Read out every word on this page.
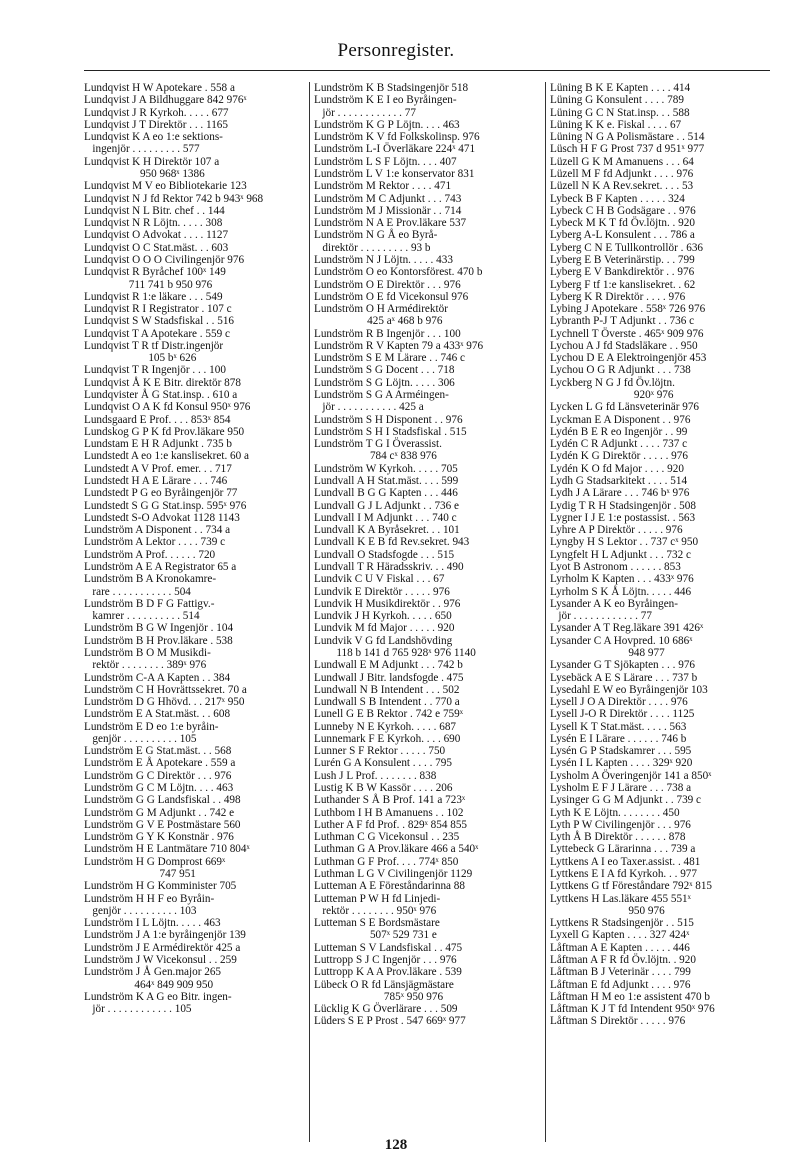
Personregister.
Lundqvist H W Apotekare . 558 a
Lundqvist J A Bildhuggare 842 976ˣ
Lundqvist J R Kyrkoh. . . . . 677
Lundqvist J T Direktör . . . 1165
Lundqvist K A eo 1:e sektions-
ingenjör . . . . . . . . . 577
Lundqvist K H Direktör 107 a
950 968ˣ 1386
Lundqvist M V eo Bibliotekarie 123
Lundqvist N J fd Rektor 742 b 943ˣ 968
Lundqvist N L Bitr. chef . . 144
Lundqvist N R Löjtn. . . . . 308
Lundqvist O Advokat . . . . 1127
Lundqvist O C Stat.mäst. . . 603
Lundqvist O O O Civilingenjör 976
Lundqvist R Byråchef 100ˣ 149
711 741 b 950 976
Lundqvist R 1:e läkare . . . 549
Lundqvist R I Registrator . 107 c
Lundqvist S W Stadsfiskal . . 516
Lundqvist T A Apotekare . 559 c
Lundqvist T R tf Distr.ingenjör
105 bˣ 626
Lundqvist T R Ingenjör . . . 100
Lundqvist Å K E Bitr. direktör 878
Lundqvister Å G Stat.insp. . 610 a
Lundqvist O A K fd Konsul 950ˣ 976
Lundsgaard E Prof. . . . 853ˣ 854
Lundskog G P K fd Prov.läkare 950
Lundstam E H R Adjunkt . 735 b
Lundstedt A eo 1:e kanslisekret. 60 a
Lundstedt A V Prof. emer. . . 717
Lundstedt H A E Lärare . . . 746
Lundstedt P G eo Byråingenjör 77
Lundstedt S G G Stat.insp. 595ˣ 976
Lundstedt S-O Advokat 1128 1143
Lundström A Disponent . . 734 a
Lundström A Lektor . . . . 739 c
Lundström A Prof. . . . . . 720
Lundström A E A Registrator 65 a
Lundström B A Kronokamre-
rare . . . . . . . . . . . 504
Lundström B D F G Fattigv.-
kamrer . . . . . . . . . . 514
Lundström B G W Ingenjör . 104
Lundström B H Prov.läkare . 538
Lundström B O M Musikdi-
rektör . . . . . . . . 389ˣ 976
Lundström C-A A Kapten . . 384
Lundström C H Hovrättssekret. 70 a
Lundström D G Hhövd. . . 217ˣ 950
Lundström E A Stat.mäst. . . 608
Lundström E D eo 1:e byråin-
genjör . . . . . . . . . . 105
Lundström E G Stat.mäst. . . 568
Lundström E Å Apotekare . 559 a
Lundström G C Direktör . . . 976
Lundström G C M Löjtn. . . . 463
Lundström G G Landsfiskal . . 498
Lundström G M Adjunkt . . 742 e
Lundström G V E Postmästare 560
Lundström G Y K Konstnär . 976
Lundström H E Lantmätare 710 804ˣ
Lundström H G Domprost 669ˣ
747 951
Lundström H G Komminister 705
Lundström H H F eo Byråin-
genjör . . . . . . . . . . 103
Lundström I L Löjtn. . . . . 463
Lundström J A 1:e byråingenjör 139
Lundström J E Armédirektör 425 a
Lundström J W Vicekonsul . . 259
Lundström J Å Gen.major 265
464ˣ 849 909 950
Lundström K A G eo Bitr. ingen-
jör . . . . . . . . . . . . 105
Lundström K B Stadsingenjör 518
Lundström K E I eo Byråingen-
jör . . . . . . . . . . . . 77
Lundström K G P Löjtn. . . . 463
Lundström K V fd Folkskolinsp. 976
Lundström L-I Överläkare 224ˣ 471
Lundström L S F Löjtn. . . . 407
Lundström L V 1:e konservator 831
Lundström M Rektor . . . . 471
Lundström M C Adjunkt . . . 743
Lundström M J Missionär . . 714
Lundström N A E Prov.läkare 537
Lundström N G Å eo Byrå-
direktör . . . . . . . . . 93 b
Lundström N J Löjtn. . . . . 433
Lundström O eo Kontorsförest. 470 b
Lundström O E Direktör . . . 976
Lundström O E fd Vicekonsul 976
Lundström O H Armédirektör
425 aˣ 468 b 976
Lundström R B Ingenjör . . . 100
Lundström R V Kapten 79 a 433ˣ 976
Lundström S E M Lärare . . 746 c
Lundström S G Docent . . . 718
Lundström S G Löjtn. . . . . 306
Lundström S G A Arméingen-
jör . . . . . . . . . . . 425 a
Lundström S H Disponent . . 976
Lundström S H I Stadsfiskal . 515
Lundström T G I Överassist.
784 cˣ 838 976
Lundström W Kyrkoh. . . . . 705
Lundvall A H Stat.mäst. . . . 599
Lundvall B G G Kapten . . . 446
Lundvall G J L Adjunkt . . 736 e
Lundvall I M Adjunkt . . . 740 c
Lundvall K A Byråsekret. . . 101
Lundvall K E B fd Rev.sekret. 943
Lundvall O Stadsfogde . . . 515
Lundvall T R Häradsskriv. . . 490
Lundvik C U V Fiskal . . . 67
Lundvik E Direktör . . . . . 976
Lundvik H Musikdirektör . . 976
Lundvik J H Kyrkoh. . . . . 650
Lundvik M fd Major . . . . . 920
Lundvik V G fd Landshövding
118 b 141 d 765 928ˣ 976 1140
Lundwall E M Adjunkt . . . 742 b
Lundwall J Bitr. landsfogde . 475
Lundwall N B Intendent . . . 502
Lundwall S B Intendent . . 770 a
Lunell G E B Rektor . 742 e 759ˣ
Lunneby N E Kyrkoh. . . . . 687
Lunnemark F E Kyrkoh. . . . 690
Lunner S F Rektor . . . . . 750
Lurén G A Konsulent . . . . 795
Lush J L Prof. . . . . . . . 838
Lustig K B W Kassör . . . . 206
Luthander S Å B Prof. 141 a 723ˣ
Luthbom I H B Amanuens . . 102
Luther A F fd Prof. . 829ˣ 854 855
Luthman C G Vicekonsul . . 235
Luthman G A Prov.läkare 466 a 540ˣ
Luthman G F Prof. . . . 774ˣ 850
Luthman L G V Civilingenjör 1129
Lutteman A E Föreståndarinna 88
Lutteman P W H fd Linjedi-
rektör . . . . . . . . 950ˣ 976
Lutteman S E Bordsmästare
507ˣ 529 731 e
Lutteman S V Landsfiskal . . 475
Luttropp S J C Ingenjör . . . 976
Luttropp K A A Prov.läkare . 539
Lübeck O R fd Länsjägmästare
785ˣ 950 976
Lücklig K G Överlärare . . . 509
Lüders S E P Prost . 547 669ˣ 977
Lüning B K E Kapten . . . . 414
Lüning G Konsulent . . . . 789
Lüning G C N Stat.insp. . . 588
Lüning K K e. Fiskal . . . . 67
Lüning N G A Polismästare . . 514
Lüsch H F G Prost 737 d 951ˣ 977
Lüzell G K M Amanuens . . . 64
Lüzell M F fd Adjunkt . . . . 976
Lüzell N K A Rev.sekret. . . . 53
Lybeck B F Kapten . . . . . 324
Lybeck C H B Godsägare . . 976
Lybeck M K T fd Öv.löjtn. . 920
Lyberg A-L Konsulent . . . 786 a
Lyberg C N E Tullkontrollör . 636
Lyberg E B Veterinärstip. . . 799
Lyberg E V Bankdirektör . . 976
Lyberg F tf 1:e kanslisekret. . 62
Lyberg K R Direktör . . . . 976
Lybing J Apotekare . 558ˣ 726 976
Lybranth P-J T Adjunkt . . 736 c
Lychnell T Överste . 465ˣ 909 976
Lychou A J fd Stadsläkare . . 950
Lychou D E A Elektroingenjör 453
Lychou O G R Adjunkt . . . 738
Lyckberg N G J fd Öv.löjtn.
920ˣ 976
Lycken L G fd Länsveterinär 976
Lyckman E A Disponent . . 976
Lydén B E R eo Ingenjör . . 99
Lydén C R Adjunkt . . . . 737 c
Lydén K G Direktör . . . . . 976
Lydén K O fd Major . . . . 920
Lydh G Stadsarkitekt . . . . 514
Lydh J A Lärare . . . 746 bˣ 976
Lydig T R H Stadsingenjör . 508
Lygner I J E 1:e postassist. . 563
Lyhre A P Direktör . . . . . 976
Lyngby H S Lektor . . 737 cˣ 950
Lyngfelt H L Adjunkt . . . 732 c
Lyot B Astronom . . . . . . 853
Lyrholm K Kapten . . . 433ˣ 976
Lyrholm S K Å Löjtn. . . . . 446
Lysander A K eo Byråingen-
jör . . . . . . . . . . . . 77
Lysander A T Reg.läkare 391 426ˣ
Lysander C A Hovpred. 10 686ˣ
948 977
Lysander G T Sjökapten . . . 976
Lysebäck A E S Lärare . . . 737 b
Lysedahl E W eo Byråingenjör 103
Lysell J O A Direktör . . . . 976
Lysell J-O R Direktör . . . . 1125
Lysell K T Stat.mäst. . . . . 563
Lysén E I Lärare . . . . . . 746 b
Lysén G P Stadskamrer . . . 595
Lysén I L Kapten . . . . 329ˣ 920
Lysholm A Överingenjör 141 a 850ˣ
Lysholm E F J Lärare . . . 738 a
Lysinger G G M Adjunkt . . 739 c
Lyth K E Löjtn. . . . . . . . 450
Lyth P W Civilingenjör . . . 976
Lyth Å B Direktör . . . . . . 878
Lyttebeck G Lärarinna . . . 739 a
Lyttkens A I eo Taxer.assist. . 481
Lyttkens E I A fd Kyrkoh. . . 977
Lyttkens G tf Föreståndare 792ˣ 815
Lyttkens H Las.läkare 455 551ˣ
950 976
Lyttkens R Stadsingenjör . . 515
Lyxell G Kapten . . . . 327 424ˣ
Låftman A E Kapten . . . . . 446
Låftman A F R fd Öv.löjtn. . 920
Låftman B J Veterinär . . . . 799
Låftman E fd Adjunkt . . . . 976
Låftman H M eo 1:e assistent 470 b
Låftman K J T fd Intendent 950ˣ 976
Låftman S Direktör . . . . . 976
128
